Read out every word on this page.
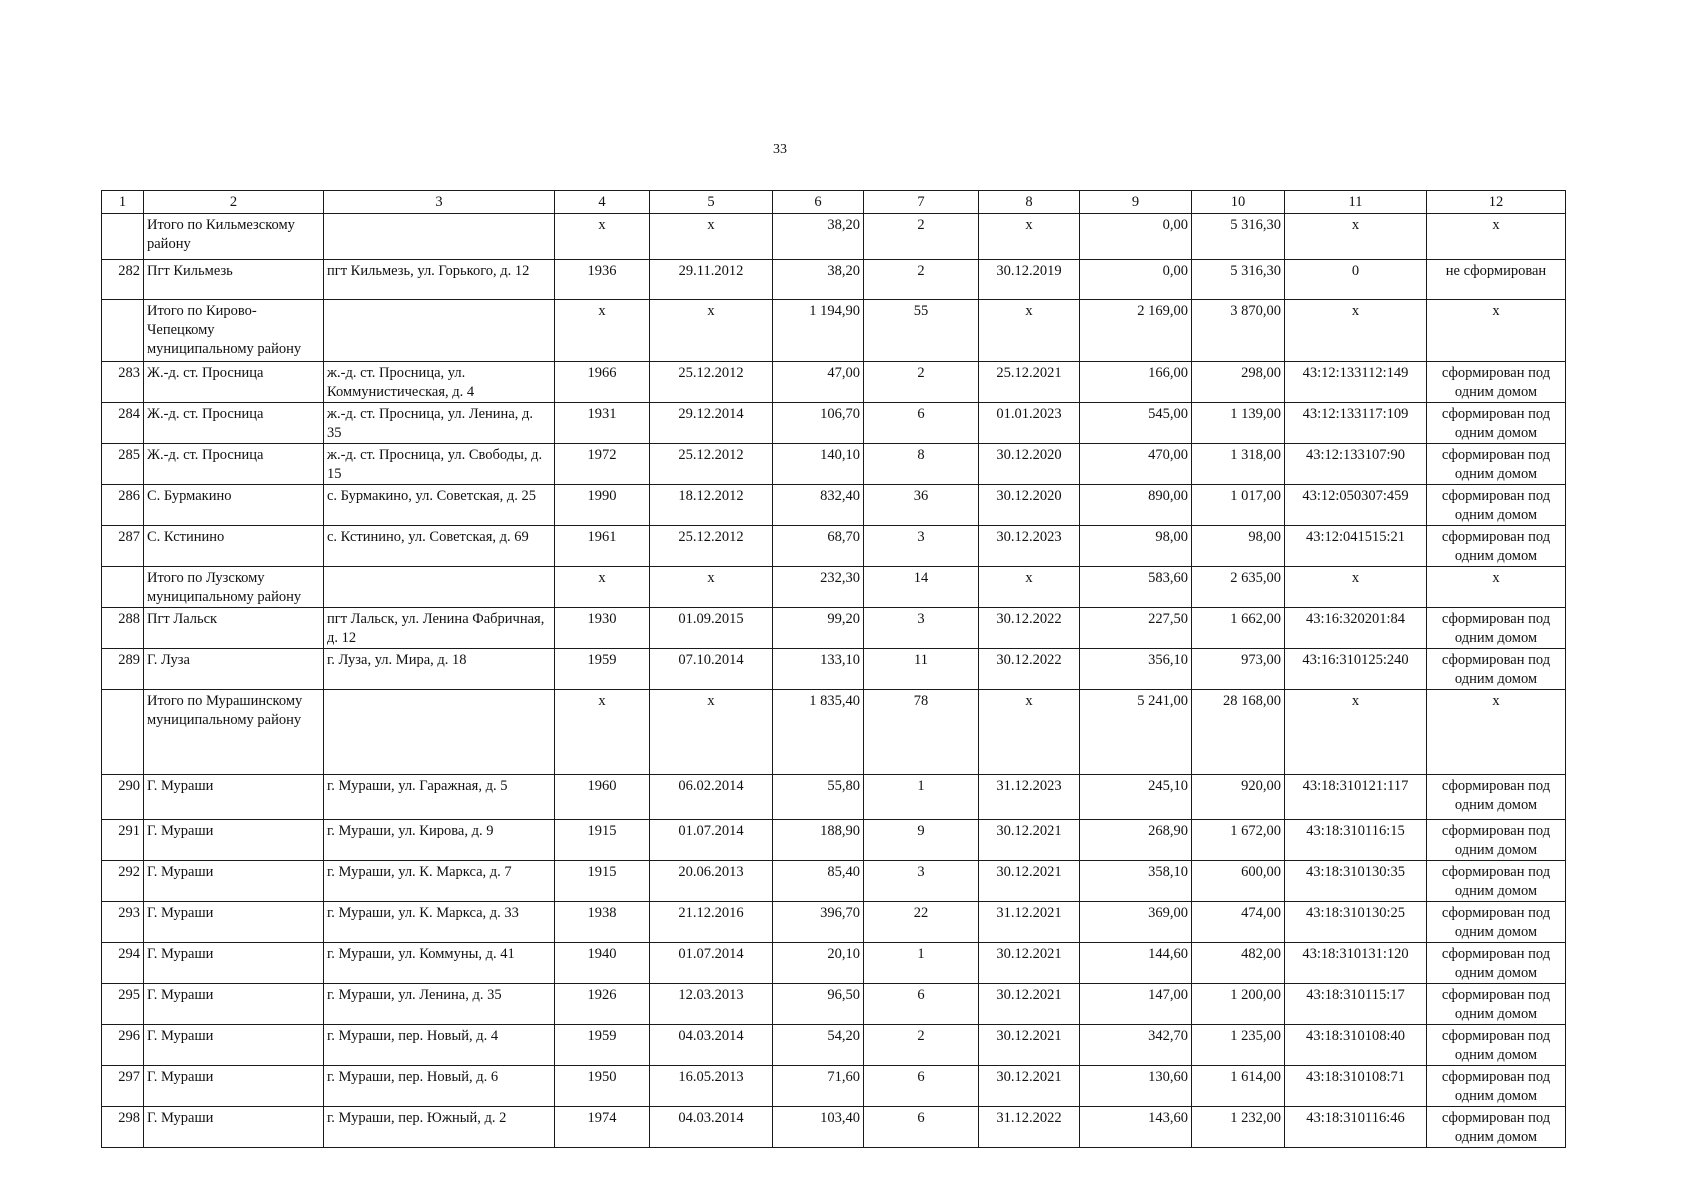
33
1	2	3	4	5	6	7	8	9	10	11	12
	Итого по Кильмезскому району		x	x	38,20	2	x	0,00	5 316,30	x	x
282	Пгт Кильмезь	пгт Кильмезь, ул. Горького, д. 12	1936	29.11.2012	38,20	2	30.12.2019	0,00	5 316,30	0	не сформирован
	Итого по Кирово-Чепецкому муниципальному району		x	x	1 194,90	55	x	2 169,00	3 870,00	x	x
283	Ж.-д. ст. Просница	ж.-д. ст. Просница, ул. Коммунистическая, д. 4	1966	25.12.2012	47,00	2	25.12.2021	166,00	298,00	43:12:133112:149	сформирован под одним домом
284	Ж.-д. ст. Просница	ж.-д. ст. Просница, ул. Ленина, д. 35	1931	29.12.2014	106,70	6	01.01.2023	545,00	1 139,00	43:12:133117:109	сформирован под одним домом
285	Ж.-д. ст. Просница	ж.-д. ст. Просница, ул. Свободы, д. 15	1972	25.12.2012	140,10	8	30.12.2020	470,00	1 318,00	43:12:133107:90	сформирован под одним домом
286	С. Бурмакино	с. Бурмакино, ул. Советская, д. 25	1990	18.12.2012	832,40	36	30.12.2020	890,00	1 017,00	43:12:050307:459	сформирован под одним домом
287	С. Кстинино	с. Кстинино, ул. Советская, д. 69	1961	25.12.2012	68,70	3	30.12.2023	98,00	98,00	43:12:041515:21	сформирован под одним домом
	Итого по Лузскому муниципальному району		x	x	232,30	14	x	583,60	2 635,00	x	x
288	Пгт Лальск	пгт Лальск, ул. Ленина Фабричная, д. 12	1930	01.09.2015	99,20	3	30.12.2022	227,50	1 662,00	43:16:320201:84	сформирован под одним домом
289	Г. Луза	г. Луза, ул. Мира, д. 18	1959	07.10.2014	133,10	11	30.12.2022	356,10	973,00	43:16:310125:240	сформирован под одним домом
	Итого по Мурашинскому муниципальному району		x	x	1 835,40	78	x	5 241,00	28 168,00	x	x
290	Г. Мураши	г. Мураши, ул. Гаражная, д. 5	1960	06.02.2014	55,80	1	31.12.2023	245,10	920,00	43:18:310121:117	сформирован под одним домом
291	Г. Мураши	г. Мураши, ул. Кирова, д. 9	1915	01.07.2014	188,90	9	30.12.2021	268,90	1 672,00	43:18:310116:15	сформирован под одним домом
292	Г. Мураши	г. Мураши, ул. К. Маркса, д. 7	1915	20.06.2013	85,40	3	30.12.2021	358,10	600,00	43:18:310130:35	сформирован под одним домом
293	Г. Мураши	г. Мураши, ул. К. Маркса, д. 33	1938	21.12.2016	396,70	22	31.12.2021	369,00	474,00	43:18:310130:25	сформирован под одним домом
294	Г. Мураши	г. Мураши, ул. Коммуны, д. 41	1940	01.07.2014	20,10	1	30.12.2021	144,60	482,00	43:18:310131:120	сформирован под одним домом
295	Г. Мураши	г. Мураши, ул. Ленина, д. 35	1926	12.03.2013	96,50	6	30.12.2021	147,00	1 200,00	43:18:310115:17	сформирован под одним домом
296	Г. Мураши	г. Мураши, пер. Новый, д. 4	1959	04.03.2014	54,20	2	30.12.2021	342,70	1 235,00	43:18:310108:40	сформирован под одним домом
297	Г. Мураши	г. Мураши, пер. Новый, д. 6	1950	16.05.2013	71,60	6	30.12.2021	130,60	1 614,00	43:18:310108:71	сформирован под одним домом
298	Г. Мураши	г. Мураши, пер. Южный, д. 2	1974	04.03.2014	103,40	6	31.12.2022	143,60	1 232,00	43:18:310116:46	сформирован под одним домом
